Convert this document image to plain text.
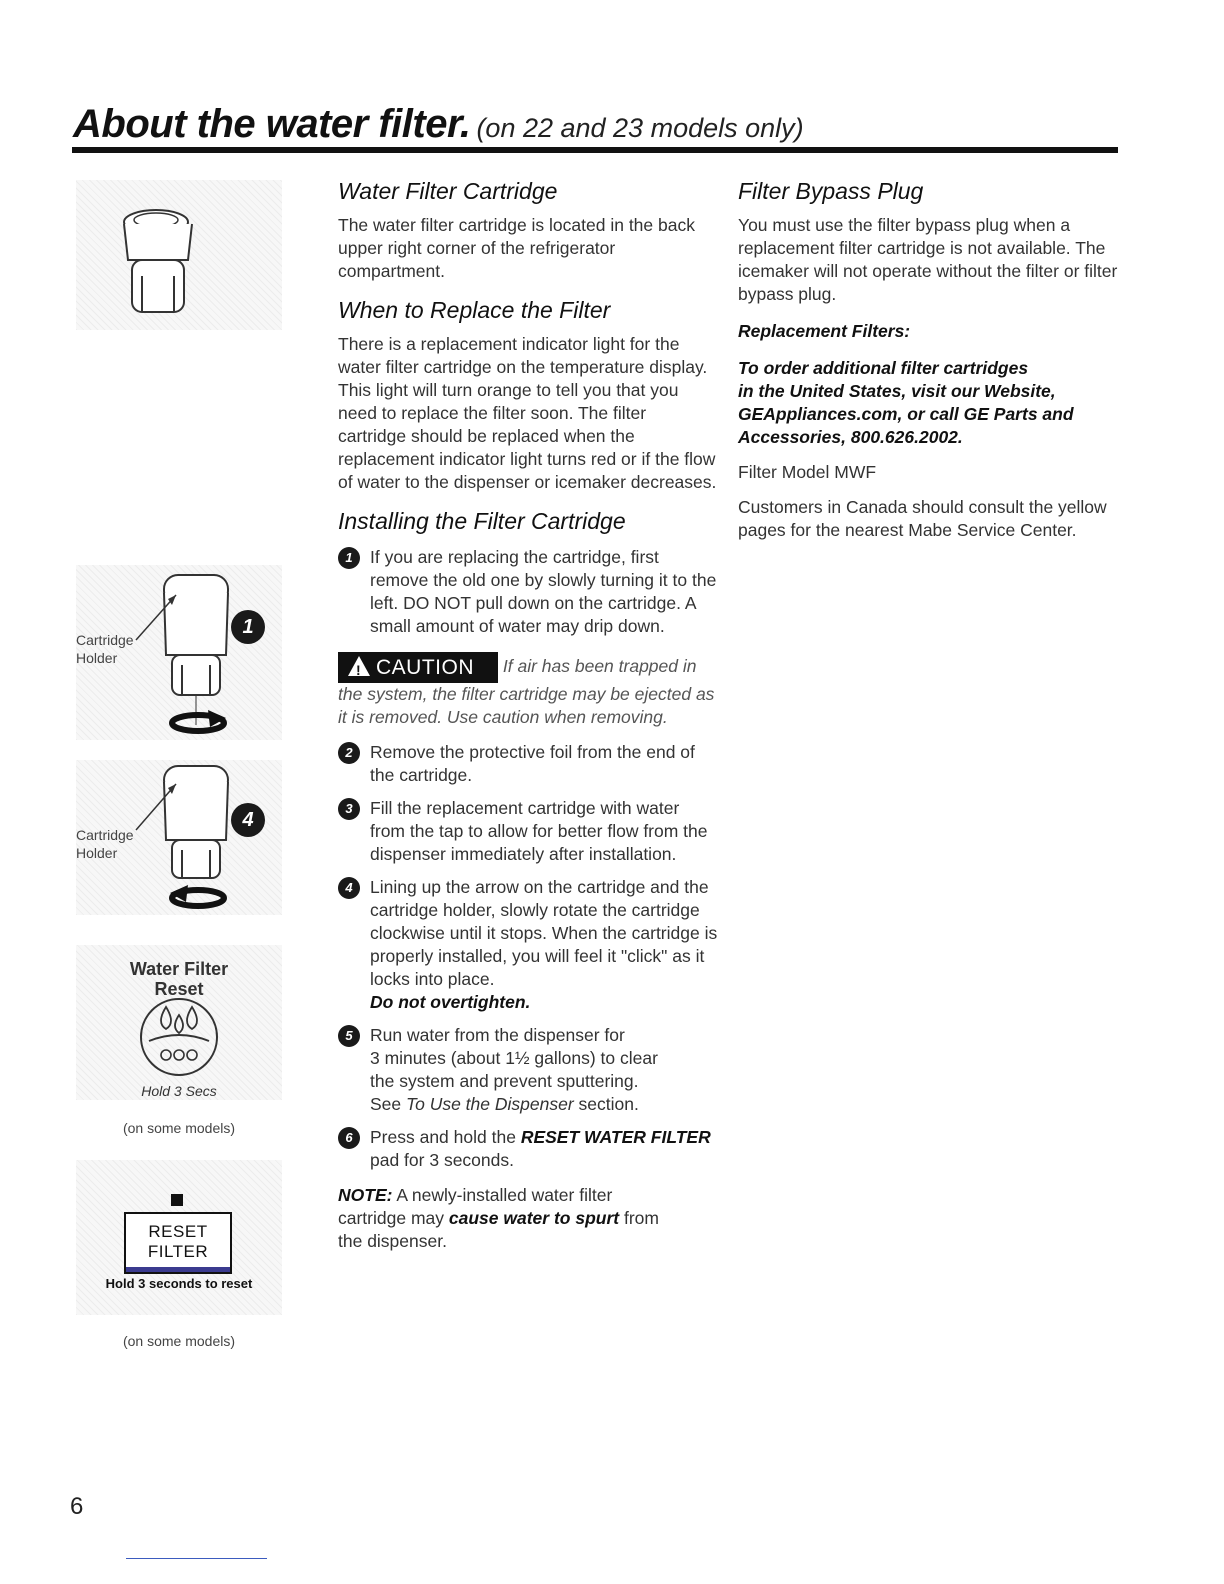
About the water filter. (on 22 and 23 models only)
Cartridge
Holder
1
Cartridge
Holder
4
Water Filter
Reset
Hold 3 Secs
(on some models)
RESET
FILTER
Hold 3 seconds to reset
(on some models)
Water Filter Cartridge

The water filter cartridge is located in the back upper right corner of the refrigerator compartment.

When to Replace the Filter

There is a replacement indicator light for the water filter cartridge on the temperature display. This light will turn orange to tell you that you need to replace the filter soon. The filter cartridge should be replaced when the replacement indicator light turns red or if the flow of water to the dispenser or icemaker decreases.

Installing the Filter Cartridge
1 If you are replacing the cartridge, first remove the old one by slowly turning it to the left. DO NOT pull down on the cartridge. A small amount of water may drip down.
!CAUTION If air has been trapped in the system, the filter cartridge may be ejected as it is removed. Use caution when removing.
2 Remove the protective foil from the end of the cartridge.
3 Fill the replacement cartridge with water from the tap to allow for better flow from the dispenser immediately after installation.
4 Lining up the arrow on the cartridge and the cartridge holder, slowly rotate the cartridge clockwise until it stops. When the cartridge is properly installed, you will feel it "click" as it locks into place.
Do not overtighten.
5 Run water from the dispenser for
3 minutes (about 1½ gallons) to clear
the system and prevent sputtering.
See To Use the Dispenser section.
6 Press and hold the RESET WATER FILTER
pad for 3 seconds.

NOTE: A newly-installed water filter cartridge may cause water to spurt from the dispenser.

Filter Bypass Plug

You must use the filter bypass plug when a replacement filter cartridge is not available. The icemaker will not operate without the filter or filter bypass plug.

Replacement Filters:

To order additional filter cartridges
in the United States, visit our Website,
GEAppliances.com, or call GE Parts and
Accessories, 800.626.2002.

Filter Model MWF

Customers in Canada should consult the yellow pages for the nearest Mabe Service Center.

6
